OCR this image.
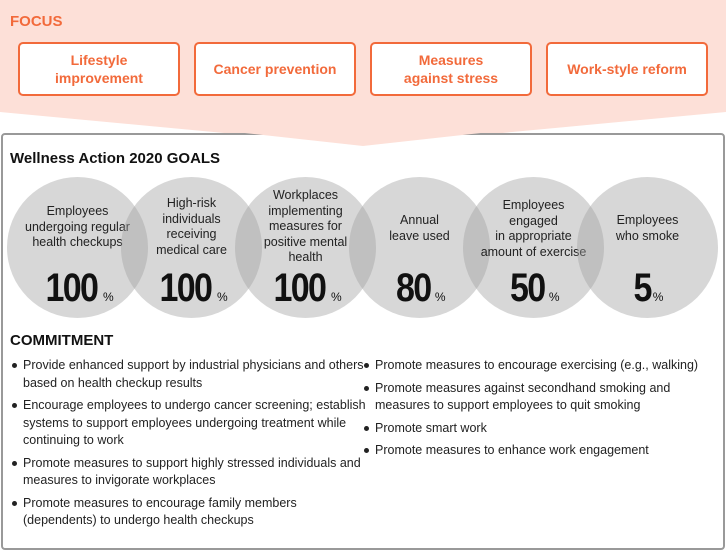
FOCUS
Lifestyle
improvement
Cancer prevention
Measures
against stress
Work-style reform
Wellness Action 2020 GOALS
Employees
undergoing regular
health checkups
100 %
High-risk
individuals
receiving
medical care
100 %
Workplaces
implementing
measures for
positive mental
health
100 %
Annual
leave used
80 %
Employees
engaged
in appropriate
amount of exercise
50 %
Employees
who smoke
5 %
COMMITMENT
Provide enhanced support by industrial physicians and others based on health checkup results
Encourage employees to undergo cancer screening; establish systems to support employees undergoing treatment while continuing to work
Promote measures to support highly stressed individuals and measures to invigorate workplaces
Promote measures to encourage family members (dependents) to undergo health checkups
Promote measures to encourage exercising (e.g., walking)
Promote measures against secondhand smoking and measures to support employees to quit smoking
Promote smart work
Promote measures to enhance work engagement
